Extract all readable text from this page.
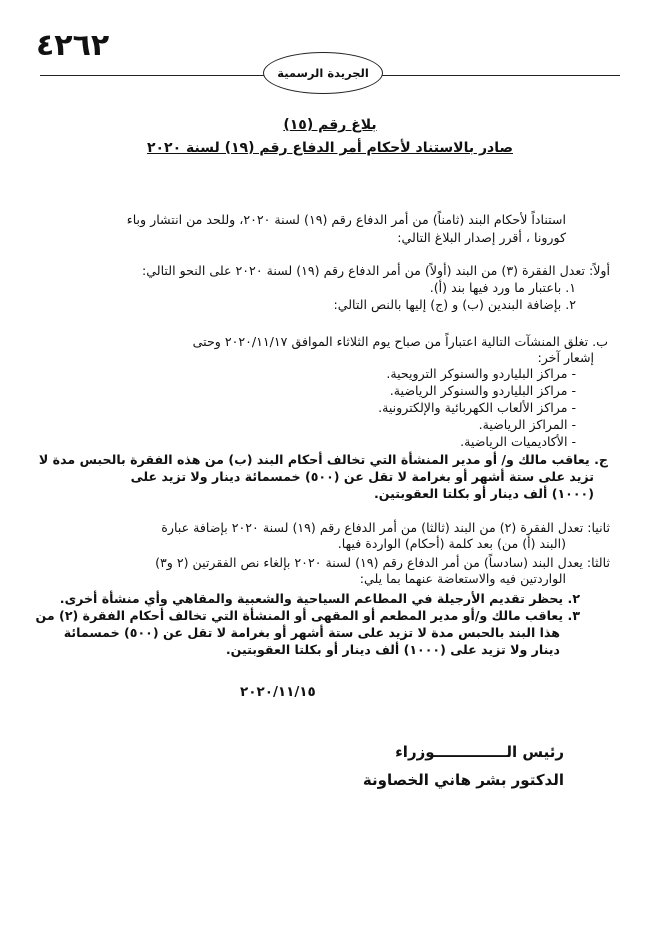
٤٢٦٢
الجريدة الرسمية
بلاغ رقم (١٥)
صادر بالاستناد لأحكام أمر الدفاع رقم (١٩) لسنة ٢٠٢٠
استناداً لأحكام البند (ثامناً) من أمر الدفاع رقم (١٩) لسنة ٢٠٢٠، وللحد من انتشار وباء
كورونا ، أقرر إصدار البلاغ التالي:
أولاً: تعدل الفقرة (٣) من البند (أولاً) من أمر الدفاع رقم (١٩) لسنة ٢٠٢٠ على النحو التالي:
١. باعتبار ما ورد فيها بند (أ).
٢. بإضافة البندين (ب) و (ج) إليها بالنص التالي:
ب. تغلق المنشآت التالية اعتباراً من صباح يوم الثلاثاء الموافق ٢٠٢٠/١١/١٧ وحتى
إشعار آخر:
- مراكز البلياردو والسنوكر الترويحية.
- مراكز البلياردو والسنوكر الرياضية.
- مراكز الألعاب الكهربائية والإلكترونية.
- المراكز الرياضية.
- الأكاديميات الرياضية.
ج. يعاقب مالك و/ أو مدير المنشأة التي تخالف أحكام البند (ب) من هذه الفقرة بالحبس مدة لا
تزيد على ستة أشهر أو بغرامة لا تقل عن (٥٠٠) خمسمائة دينار ولا تزيد على
(١٠٠٠) ألف دينار أو بكلتا العقوبتين.
ثانيا: تعدل الفقرة (٢) من البند (ثالثا) من أمر الدفاع رقم (١٩) لسنة ٢٠٢٠ بإضافة عبارة
(البند (أ) من) بعد كلمة (أحكام) الواردة فيها.
ثالثا: يعدل البند (سادساً) من أمر الدفاع رقم (١٩) لسنة ٢٠٢٠ بإلغاء نص الفقرتين (٢ و٣)
الواردتين فيه والاستعاضة عنهما بما يلي:
٢. يحظر تقديم الأرجيلة في المطاعم السياحية والشعبية والمقاهي وأي منشأة أخرى.
٣. يعاقب مالك و/أو مدير المطعم أو المقهى أو المنشأة التي تخالف أحكام الفقرة (٢) من
هذا البند بالحبس مدة لا تزيد على ستة أشهر أو بغرامة لا تقل عن (٥٠٠) خمسمائة
دينار ولا تزيد على (١٠٠٠) ألف دينار أو بكلتا العقوبتين.
٢٠٢٠/١١/١٥
رئيس الــــــــــــــوزراء
الدكتور بشر هاني الخصاونة
